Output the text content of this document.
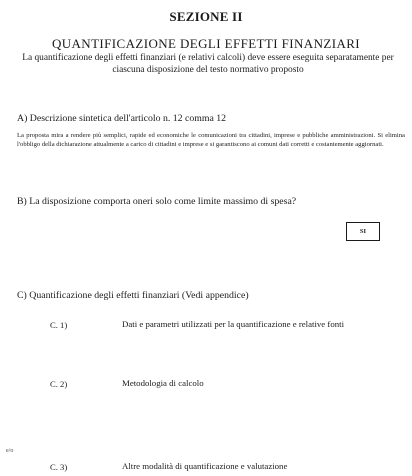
SEZIONE II
QUANTIFICAZIONE DEGLI EFFETTI FINANZIARI
La quantificazione degli effetti finanziari (e relativi calcoli) deve essere eseguita separatamente per
ciascuna disposizione del testo normativo proposto
A) Descrizione sintetica dell'articolo n. 12 comma 12
La proposta mira a rendere più semplici, rapide ed economiche le comunicazioni tra cittadini, imprese e pubbliche amministrazioni. Si elimina l'obbligo della dichiarazione attualmente a carico di cittadini e imprese e si garantiscono ai comuni dati corretti e costantemente aggiornati.
B) La disposizione comporta oneri solo come limite massimo di spesa?
SI
C) Quantificazione degli effetti finanziari (Vedi appendice)
C. 1)	Dati e parametri utilizzati per la quantificazione e relative fonti
C. 2)	Metodologia di calcolo
e/o
C. 3)	Altre modalità di quantificazione e valutazione
